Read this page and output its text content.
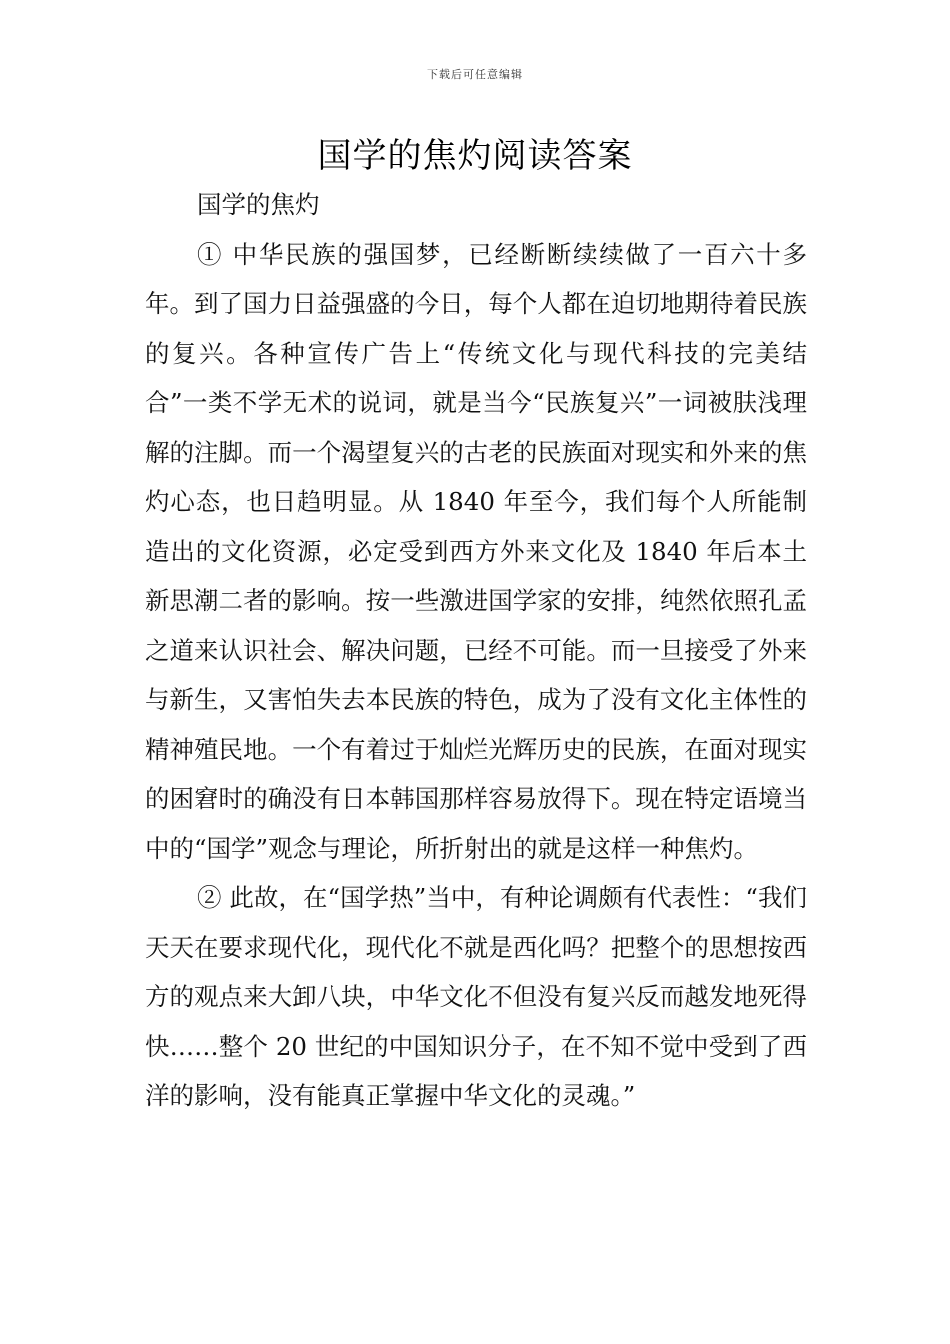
下载后可任意编辑
国学的焦灼阅读答案

国学的焦灼

① 中华民族的强国梦，已经断断续续做了一百六十多年。到了国力日益强盛的今日，每个人都在迫切地期待着民族的复兴。各种宣传广告上“传统文化与现代科技的完美结合”一类不学无术的说词，就是当今“民族复兴”一词被肤浅理解的注脚。而一个渴望复兴的古老的民族面对现实和外来的焦灼心态，也日趋明显。从 1840 年至今，我们每个人所能制造出的文化资源，必定受到西方外来文化及 1840 年后本土新思潮二者的影响。按一些激进国学家的安排，纯然依照孔孟之道来认识社会、解决问题，已经不可能。而一旦接受了外来与新生，又害怕失去本民族的特色，成为了没有文化主体性的精神殖民地。一个有着过于灿烂光辉历史的民族，在面对现实的困窘时的确没有日本韩国那样容易放得下。现在特定语境当中的“国学”观念与理论，所折射出的就是这样一种焦灼。

② 此故，在“国学热”当中，有种论调颇有代表性：“我们天天在要求现代化，现代化不就是西化吗？把整个的思想按西方的观点来大卸八块，中华文化不但没有复兴反而越发地死得快……整个 20 世纪的中国知识分子，在不知不觉中受到了西洋的影响，没有能真正掌握中华文化的灵魂。”
